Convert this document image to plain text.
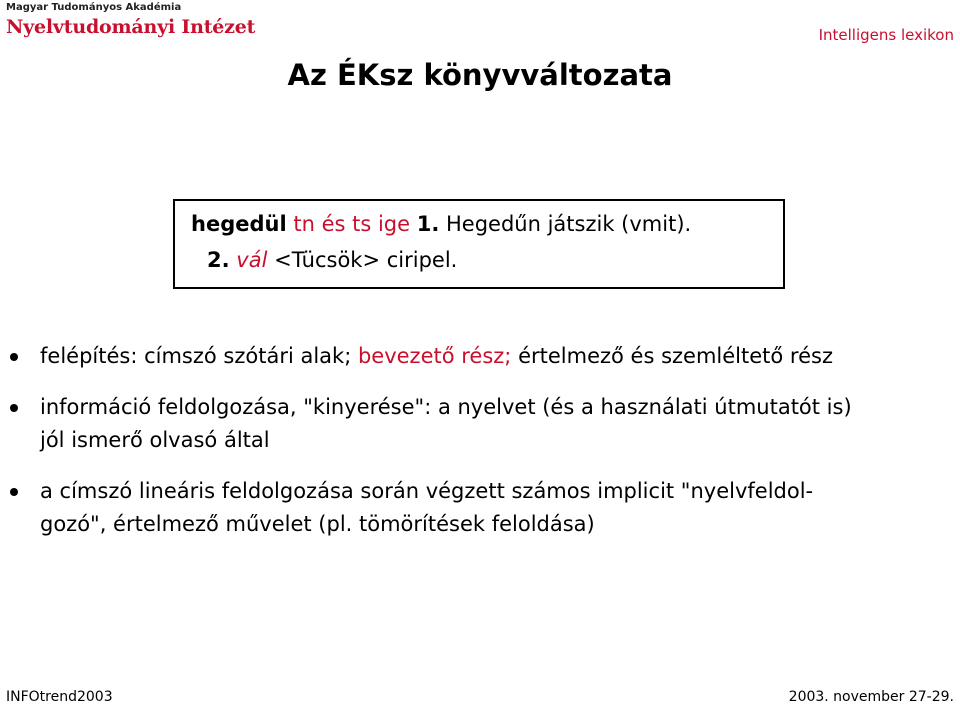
Magyar Tudományos Akadémia
Nyelvtudományi Intézet	Intelligens lexikon
Az ÉKsz könyvváltozata
hegedül tn és ts ige 1. Hegedűn játszik (vmit).
2. vál <Tücsök> ciripel.
felépítés: címszó szótári alak; bevezető rész; értelmező és szemléltető rész
információ feldolgozása, "kinyerése": a nyelvet (és a használati útmutatót is)
jól ismerő olvasó által
a címszó lineáris feldolgozása során végzett számos implicit "nyelvfeldol-
gozó", értelmező művelet (pl. tömörítések feloldása)
INFOtrend2003	2003. november 27-29.
